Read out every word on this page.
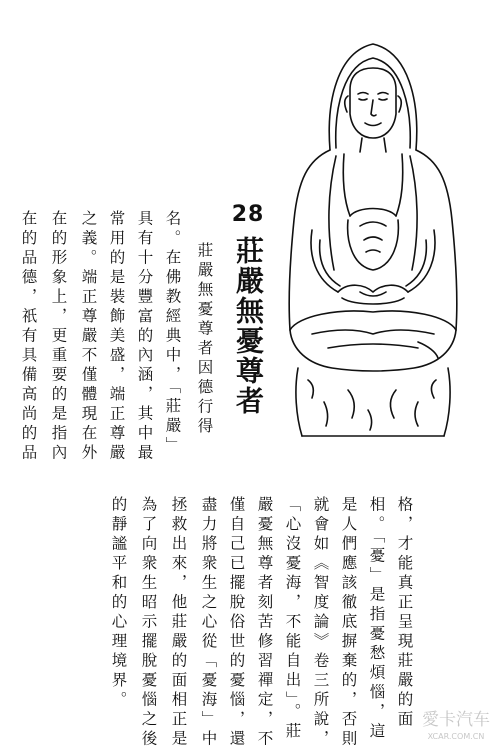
28
莊嚴無憂尊者
莊嚴無憂尊者因德行得
名。在佛教經典中，「莊嚴」
具有十分豐富的內涵，其中最
常用的是裝飾美盛，端正尊嚴
之義。端正尊嚴不僅體現在外
在的形象上，更重要的是指內
在的品德，祇有具備高尚的品
格，才能真正呈現莊嚴的面
相。「憂」是指憂愁煩惱，這
是人們應該徹底摒棄的，否則
就會如《智度論》卷三所說，
「心沒憂海，不能自出」。莊
嚴憂無尊者刻苦修習禪定，不
僅自己已擺脫俗世的憂惱，還
盡力將衆生之心從「憂海」中
拯救出來，他莊嚴的面相正是
為了向衆生昭示擺脫憂惱之後
的靜謐平和的心理境界。
愛卡汽车
XCAR.COM.CN
